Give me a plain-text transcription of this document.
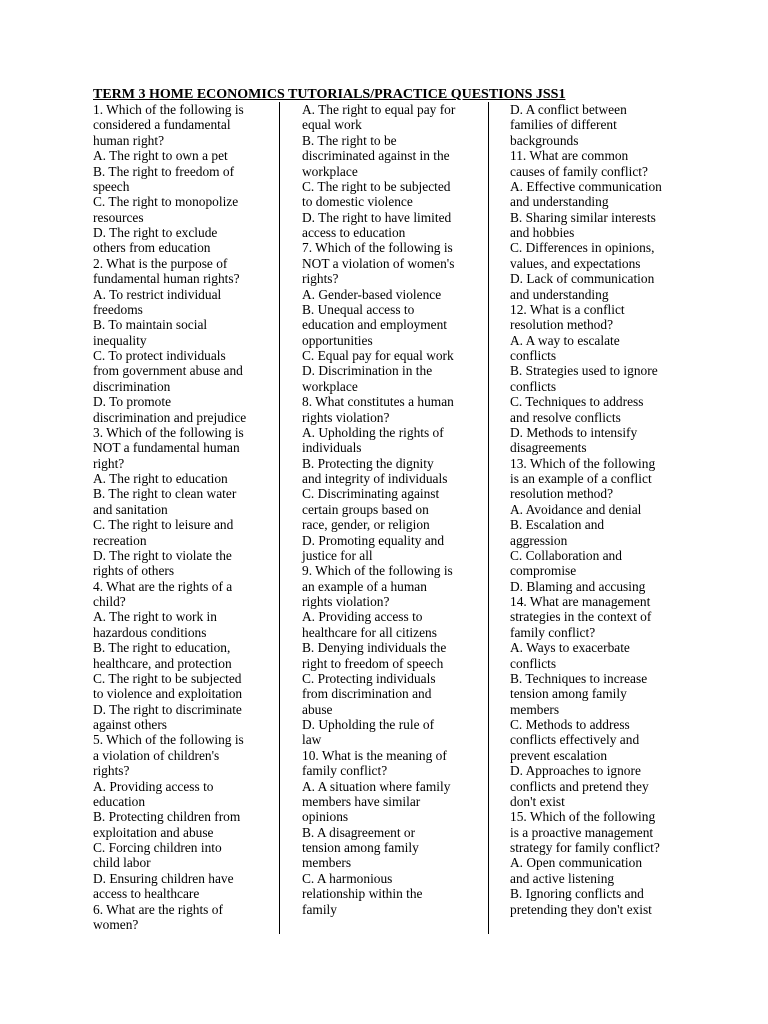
TERM 3 HOME ECONOMICS TUTORIALS/PRACTICE QUESTIONS JSS1
1. Which of the following is
considered a fundamental
human right?
A. The right to own a pet
B. The right to freedom of
speech
C. The right to monopolize
resources
D. The right to exclude
others from education
2. What is the purpose of
fundamental human rights?
A. To restrict individual
freedoms
B. To maintain social
inequality
C. To protect individuals
from government abuse and
discrimination
D. To promote
discrimination and prejudice
3. Which of the following is
NOT a fundamental human
right?
A. The right to education
B. The right to clean water
and sanitation
C. The right to leisure and
recreation
D. The right to violate the
rights of others
4. What are the rights of a
child?
A. The right to work in
hazardous conditions
B. The right to education,
healthcare, and protection
C. The right to be subjected
to violence and exploitation
D. The right to discriminate
against others
5. Which of the following is
a violation of children's
rights?
A. Providing access to
education
B. Protecting children from
exploitation and abuse
C. Forcing children into
child labor
D. Ensuring children have
access to healthcare
6. What are the rights of
women?
A. The right to equal pay for
equal work
B. The right to be
discriminated against in the
workplace
C. The right to be subjected
to domestic violence
D. The right to have limited
access to education
7. Which of the following is
NOT a violation of women's
rights?
A. Gender-based violence
B. Unequal access to
education and employment
opportunities
C. Equal pay for equal work
D. Discrimination in the
workplace
8. What constitutes a human
rights violation?
A. Upholding the rights of
individuals
B. Protecting the dignity
and integrity of individuals
C. Discriminating against
certain groups based on
race, gender, or religion
D. Promoting equality and
justice for all
9. Which of the following is
an example of a human
rights violation?
A. Providing access to
healthcare for all citizens
B. Denying individuals the
right to freedom of speech
C. Protecting individuals
from discrimination and
abuse
D. Upholding the rule of
law
10. What is the meaning of
family conflict?
A. A situation where family
members have similar
opinions
B. A disagreement or
tension among family
members
C. A harmonious
relationship within the
family
D. A conflict between
families of different
backgrounds
11. What are common
causes of family conflict?
A. Effective communication
and understanding
B. Sharing similar interests
and hobbies
C. Differences in opinions,
values, and expectations
D. Lack of communication
and understanding
12. What is a conflict
resolution method?
A. A way to escalate
conflicts
B. Strategies used to ignore
conflicts
C. Techniques to address
and resolve conflicts
D. Methods to intensify
disagreements
13. Which of the following
is an example of a conflict
resolution method?
A. Avoidance and denial
B. Escalation and
aggression
C. Collaboration and
compromise
D. Blaming and accusing
14. What are management
strategies in the context of
family conflict?
A. Ways to exacerbate
conflicts
B. Techniques to increase
tension among family
members
C. Methods to address
conflicts effectively and
prevent escalation
D. Approaches to ignore
conflicts and pretend they
don't exist
15. Which of the following
is a proactive management
strategy for family conflict?
A. Open communication
and active listening
B. Ignoring conflicts and
pretending they don't exist
